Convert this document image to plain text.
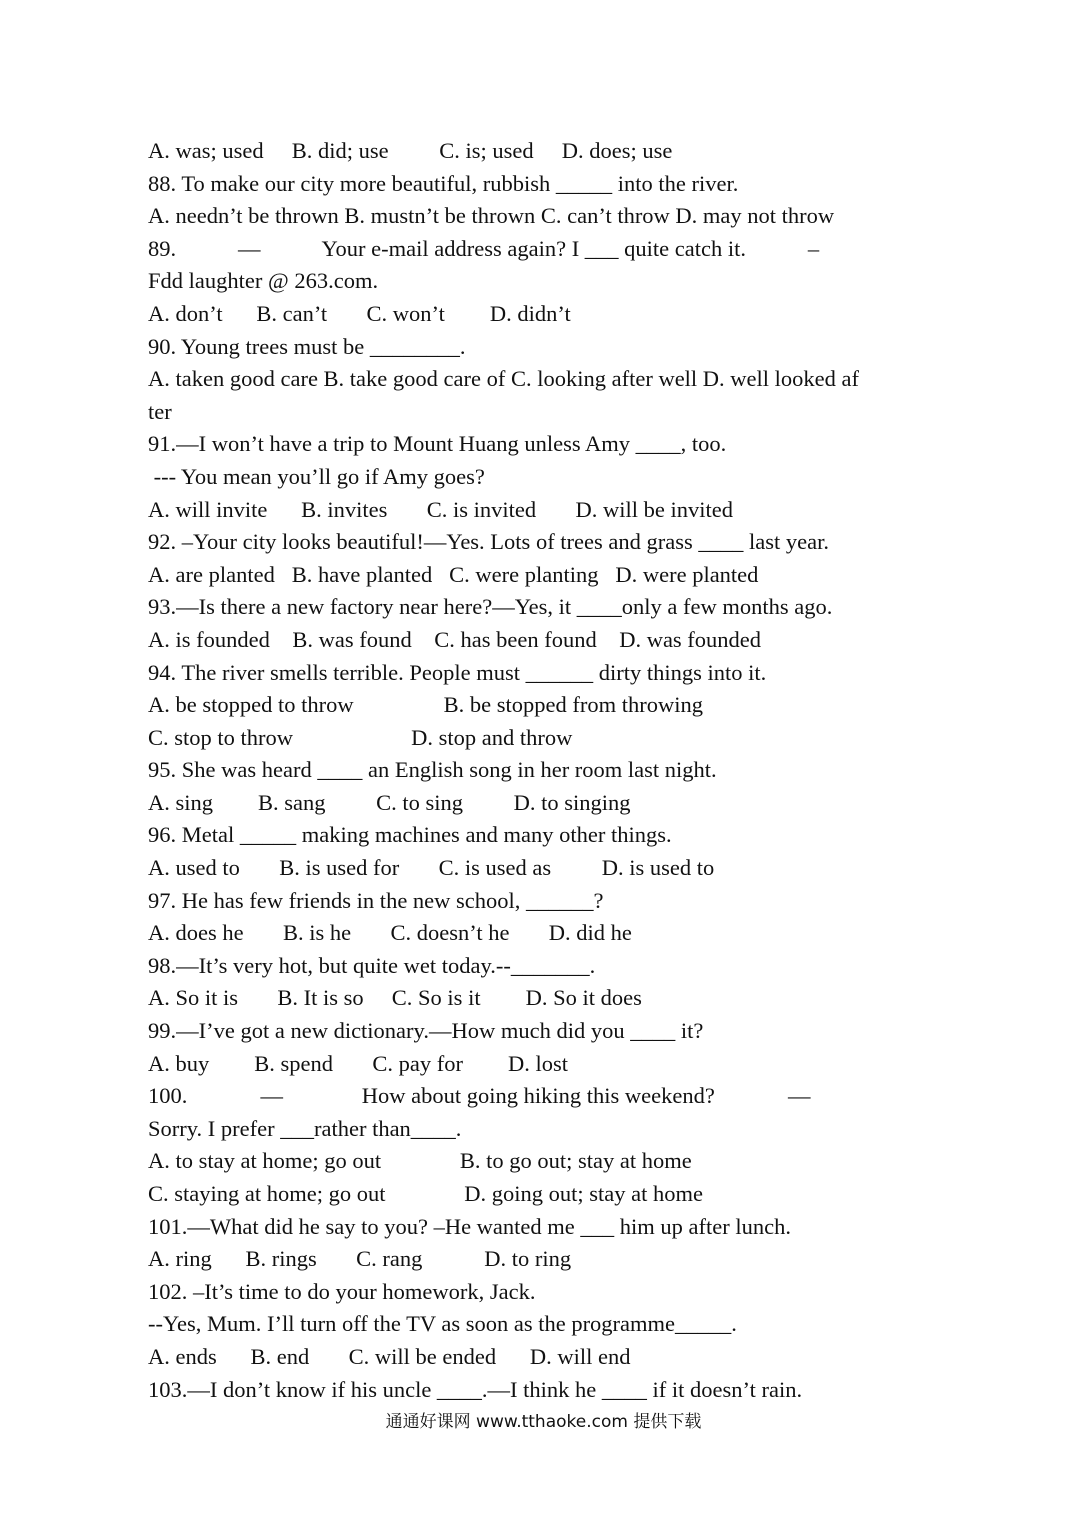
A. was; used     B. did; use         C. is; used     D. does; use
88. To make our city more beautiful, rubbish _____ into the river.
A. needn’t be thrown B. mustn’t be thrown C. can’t throw D. may not throw
89.           —           Your e-mail address again? I ___ quite catch it.           –
Fdd laughter @ 263.com.
A. don’t      B. can’t       C. won’t        D. didn’t
90. Young trees must be ________.
A. taken good care B. take good care of C. looking after well D. well looked af
ter
91.—I won’t have a trip to Mount Huang unless Amy ____, too.
--- You mean you’ll go if Amy goes?
A. will invite      B. invites       C. is invited       D. will be invited
92. –Your city looks beautiful!—Yes. Lots of trees and grass ____ last year.
A. are planted   B. have planted   C. were planting   D. were planted
93.—Is there a new factory near here?—Yes, it ____only a few months ago.
A. is founded    B. was found    C. has been found    D. was founded
94. The river smells terrible. People must ______ dirty things into it.
A. be stopped to throw                B. be stopped from throwing
C. stop to throw                     D. stop and throw
95. She was heard ____ an English song in her room last night.
A. sing        B. sang         C. to sing         D. to singing
96. Metal _____ making machines and many other things.
A. used to       B. is used for       C. is used as         D. is used to
97. He has few friends in the new school, ______?
A. does he       B. is he       C. doesn’t he       D. did he
98.—It’s very hot, but quite wet today.--_______.
A. So it is       B. It is so     C. So is it        D. So it does
99.—I’ve got a new dictionary.—How much did you ____ it?
A. buy        B. spend       C. pay for        D. lost
100.             —              How about going hiking this weekend?             —
Sorry. I prefer ___rather than____.
A. to stay at home; go out              B. to go out; stay at home
C. staying at home; go out              D. going out; stay at home
101.—What did he say to you? –He wanted me ___ him up after lunch.
A. ring      B. rings       C. rang           D. to ring
102. –It’s time to do your homework, Jack.
--Yes, Mum. I’ll turn off the TV as soon as the programme_____.
A. ends      B. end       C. will be ended      D. will end
103.—I don’t know if his uncle ____.—I think he ____ if it doesn’t rain.
通通好课网 www.tthaoke.com 提供下载
